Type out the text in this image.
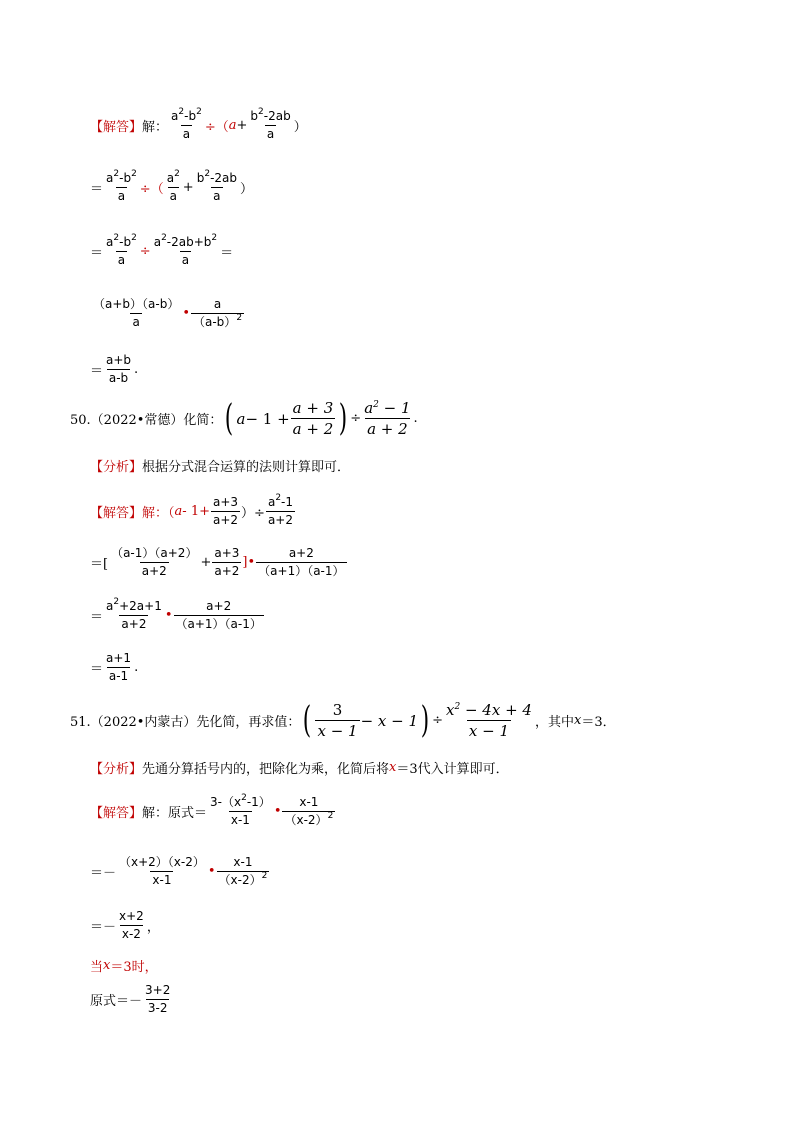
【解答】 解： $\frac{a^2-b^2}{a}$ ÷（ $a + \frac{b^2-2ab}{a}$ ）
＝ $\frac{a^2-b^2}{a}$ ÷（ $\frac{a^2}{a} + \frac{b^2-2ab}{a}$ ）
＝ $\frac{a^2-b^2}{a} \div \frac{a^2-2ab+b^2}{a}$ ＝
$\frac{(a+b)(a-b)}{a}$ • $\frac{a}{(a-b)^2}$
＝ $\frac{a+b}{a-b}$ .
50.（2022•常德）化简： ( $a - 1 + \frac{a + 3}{a + 2}$ ) ÷ $\frac{a^2 - 1}{a + 2}$ .
【分析】 根据分式混合运算的法则计算即可．
【解答】 解：（ $a - 1+ \frac{a+3}{a+2}$ ）÷ $\frac{a^2-1}{a+2}$
＝[ $\frac{(a-1)(a+2)}{a+2} + \frac{a+3}{a+2}$ ]• $\frac{a+2}{(a+1)(a-1)}$
＝ $\frac{a^2+2a+1}{a+2}$ • $\frac{a+2}{(a+1)(a-1)}$
＝ $\frac{a+1}{a-1}$ .
51.（2022•内蒙古）先化简，再求值： ( $\frac{3}{x - 1} - x - 1$ ) ÷ $\frac{x^2 - 4x + 4}{x - 1}$ ，其中 x ＝3．
【分析】 先通分算括号内的，把除化为乘，化简后将 x ＝3代入计算即可．
【解答】 解：原式＝ $\frac{3-(x^2-1)}{x-1}$ • $\frac{x-1}{(x-2)^2}$
＝－ $\frac{(x+2)(x-2)}{x-1}$ • $\frac{x-1}{(x-2)^2}$
＝－ $\frac{x+2}{x-2}$ ，
当 x ＝3时，
原式＝－ $\frac{3+2}{3-2}$
